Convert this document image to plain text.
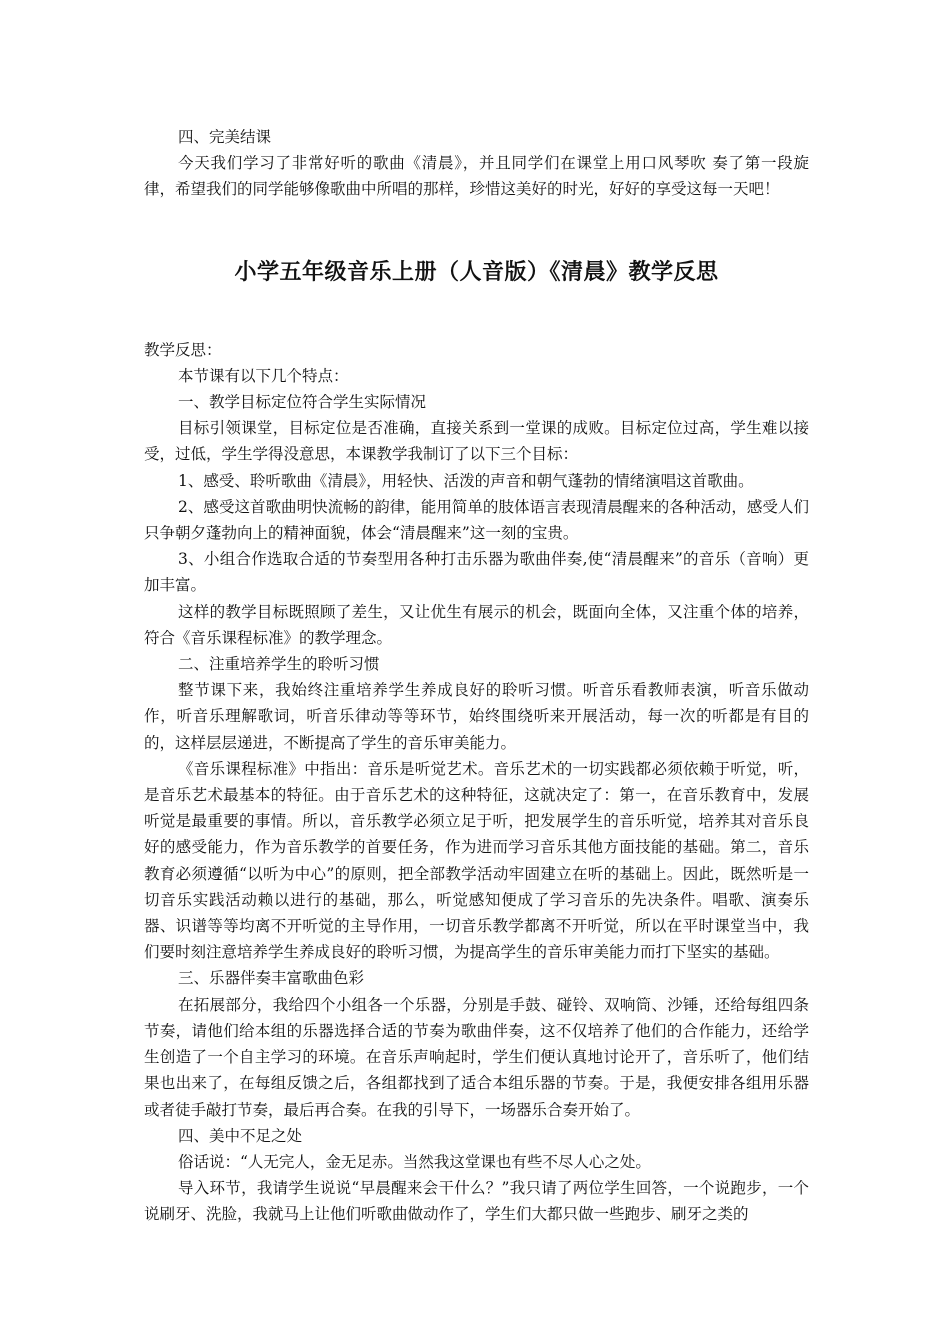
四、完美结课

今天我们学习了非常好听的歌曲《清晨》，并且同学们在课堂上用口风琴吹 奏了第一段旋律，希望我们的同学能够像歌曲中所唱的那样，珍惜这美好的时光，好好的享受这每一天吧！

小学五年级音乐上册（人音版）《清晨》教学反思

教学反思：

本节课有以下几个特点：

一、教学目标定位符合学生实际情况

目标引领课堂，目标定位是否准确，直接关系到一堂课的成败。目标定位过高，学生难以接受，过低，学生学得没意思，本课教学我制订了以下三个目标：

1、感受、聆听歌曲《清晨》，用轻快、活泼的声音和朝气蓬勃的情绪演唱这首歌曲。

2、感受这首歌曲明快流畅的韵律，能用简单的肢体语言表现清晨醒来的各种活动，感受人们只争朝夕蓬勃向上的精神面貌，体会“清晨醒来”这一刻的宝贵。

3、小组合作选取合适的节奏型用各种打击乐器为歌曲伴奏,使“清晨醒来”的音乐（音响）更加丰富。

这样的教学目标既照顾了差生，又让优生有展示的机会，既面向全体，又注重个体的培养，符合《音乐课程标准》的教学理念。

二、注重培养学生的聆听习惯

整节课下来，我始终注重培养学生养成良好的聆听习惯。听音乐看教师表演，听音乐做动作，听音乐理解歌词，听音乐律动等等环节，始终围绕听来开展活动，每一次的听都是有目的的，这样层层递进，不断提高了学生的音乐审美能力。

《音乐课程标准》中指出：音乐是听觉艺术。音乐艺术的一切实践都必须依赖于听觉，听，是音乐艺术最基本的特征。由于音乐艺术的这种特征，这就决定了：第一，在音乐教育中，发展听觉是最重要的事情。所以，音乐教学必须立足于听，把发展学生的音乐听觉，培养其对音乐良好的感受能力，作为音乐教学的首要任务，作为进而学习音乐其他方面技能的基础。第二，音乐教育必须遵循“以听为中心”的原则，把全部教学活动牢固建立在听的基础上。因此，既然听是一切音乐实践活动赖以进行的基础，那么，听觉感知便成了学习音乐的先决条件。唱歌、演奏乐器、识谱等等均离不开听觉的主导作用，一切音乐教学都离不开听觉，所以在平时课堂当中，我们要时刻注意培养学生养成良好的聆听习惯，为提高学生的音乐审美能力而打下坚实的基础。

三、乐器伴奏丰富歌曲色彩

在拓展部分，我给四个小组各一个乐器，分别是手鼓、碰铃、双响筒、沙锤，还给每组四条节奏，请他们给本组的乐器选择合适的节奏为歌曲伴奏，这不仅培养了他们的合作能力，还给学生创造了一个自主学习的环境。在音乐声响起时，学生们便认真地讨论开了，音乐听了，他们结果也出来了，在每组反馈之后，各组都找到了适合本组乐器的节奏。于是，我便安排各组用乐器或者徒手敲打节奏，最后再合奏。在我的引导下，一场器乐合奏开始了。

四、美中不足之处

俗话说：“人无完人，金无足赤。当然我这堂课也有些不尽人心之处。

导入环节，我请学生说说“早晨醒来会干什么？”我只请了两位学生回答，一个说跑步，一个说刷牙、洗脸，我就马上让他们听歌曲做动作了，学生们大都只做一些跑步、刷牙之类的
